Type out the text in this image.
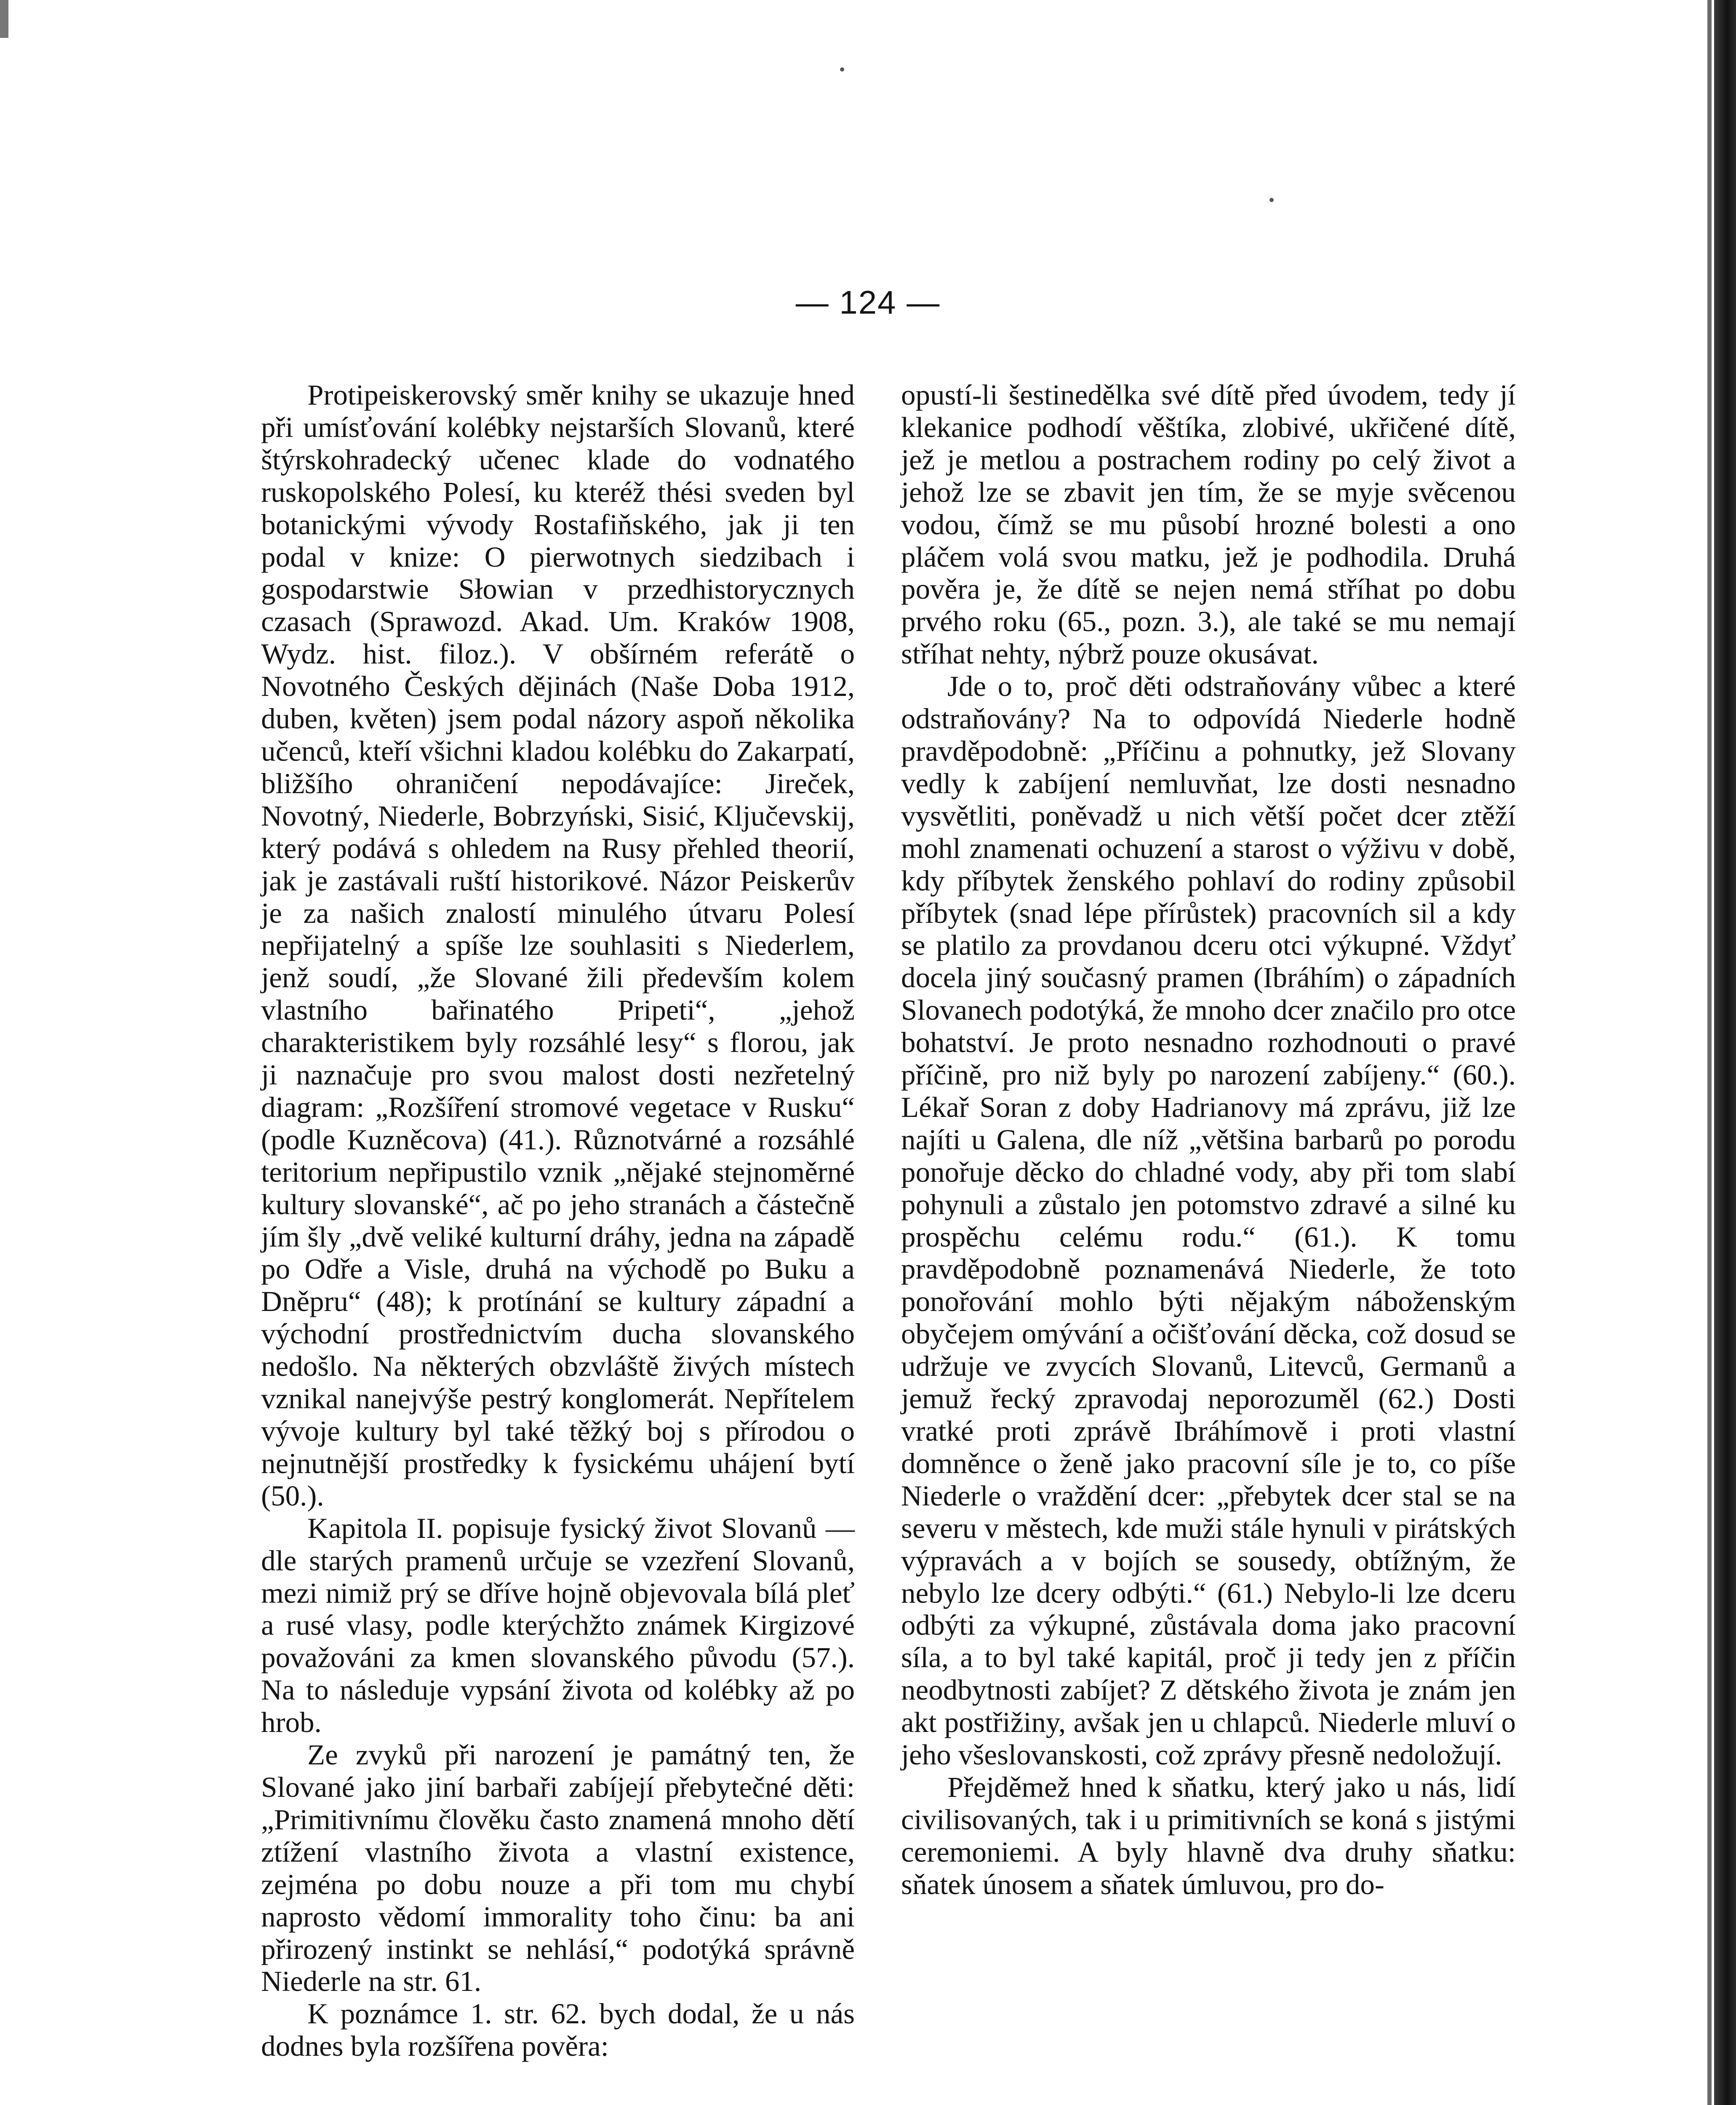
— 124 —

Protipeiskerovský směr knihy se ukazuje hned při umísťování kolébky nejstarších Slovanů, které štýrskohradecký učenec klade do vodnatého ruskopolského Polesí, ku kteréž thési sveden byl botanickými vývody Rostafiňského, jak ji ten podal v knize: O pierwotnych siedzibach i gospodarstwie Słowian v przedhistorycznych czasach (Sprawozd. Akad. Um. Kraków 1908, Wydz. hist. filoz.). V obšírném referátě o Novotného Českých dějinách (Naše Doba 1912, duben, květen) jsem podal názory aspoň několika učenců, kteří všichni kladou kolébku do Zakarpatí, bližšího ohraničení nepodávajíce: Jireček, Novotný, Niederle, Bobrzyński, Sisić, Ključevskij, který podává s ohledem na Rusy přehled theorií, jak je zastávali ruští historikové. Názor Peiskerův je za našich znalostí minulého útvaru Polesí nepřijatelný a spíše lze souhlasiti s Niederlem, jenž soudí, „že Slované žili především kolem vlastního bařinatého Pripeti“, „jehož charakteristikem byly rozsáhlé lesy“ s florou, jak ji naznačuje pro svou malost dosti nezřetelný diagram: „Rozšíření stromové vegetace v Rusku“ (podle Kuzněcova) (41.). Různotvárné a rozsáhlé teritorium nepřipustilo vznik „nějaké stejnoměrné kultury slovanské“, ač po jeho stranách a částečně jím šly „dvě veliké kulturní dráhy, jedna na západě po Odře a Visle, druhá na východě po Buku a Dněpru“ (48); k protínání se kultury západní a východní prostřednictvím ducha slovanského nedošlo. Na některých obzvláště živých místech vznikal nanejvýše pestrý konglomerát. Nepřítelem vývoje kultury byl také těžký boj s přírodou o nejnutnější prostředky k fysickému uhájení bytí (50.).

Kapitola II. popisuje fysický život Slovanů — dle starých pramenů určuje se vzezření Slovanů, mezi nimiž prý se dříve hojně objevovala bílá pleť a rusé vlasy, podle kterýchžto známek Kirgizové považováni za kmen slovanského původu (57.). Na to následuje vypsání života od kolébky až po hrob.

Ze zvyků při narození je památný ten, že Slované jako jiní barbaři zabíjejí přebytečné děti: „Primitivnímu člověku často znamená mnoho dětí ztížení vlastního života a vlastní existence, zejména po dobu nouze a při tom mu chybí naprosto vědomí immorality toho činu: ba ani přirozený instinkt se nehlásí,“ podotýká správně Niederle na str. 61.

K poznámce 1. str. 62. bych dodal, že u nás dodnes byla rozšířena pověra:

opustí-li šestinedělka své dítě před úvodem, tedy jí klekanice podhodí věštíka, zlobivé, ukřičené dítě, jež je metlou a postrachem rodiny po celý život a jehož lze se zbavit jen tím, že se myje svěcenou vodou, čímž se mu působí hrozné bolesti a ono pláčem volá svou matku, jež je podhodila. Druhá pověra je, že dítě se nejen nemá stříhat po dobu prvého roku (65., pozn. 3.), ale také se mu nemají stříhat nehty, nýbrž pouze okusávat.

Jde o to, proč děti odstraňovány vůbec a které odstraňovány? Na to odpovídá Niederle hodně pravděpodobně: „Příčinu a pohnutky, jež Slovany vedly k zabíjení nemluvňat, lze dosti nesnadno vysvětliti, poněvadž u nich větší počet dcer ztěží mohl znamenati ochuzení a starost o výživu v době, kdy příbytek ženského pohlaví do rodiny způsobil příbytek (snad lépe přírůstek) pracovních sil a kdy se platilo za provdanou dceru otci výkupné. Vždyť docela jiný současný pramen (Ibráhím) o západních Slovanech podotýká, že mnoho dcer značilo pro otce bohatství. Je proto nesnadno rozhodnouti o pravé příčině, pro niž byly po narození zabíjeny.“ (60.). Lékař Soran z doby Hadrianovy má zprávu, již lze najíti u Galena, dle níž „většina barbarů po porodu ponořuje děcko do chladné vody, aby při tom slabí pohynuli a zůstalo jen potomstvo zdravé a silné ku prospěchu celému rodu.“ (61.). K tomu pravděpodobně poznamenává Niederle, že toto ponořování mohlo býti nějakým náboženským obyčejem omývání a očišťování děcka, což dosud se udržuje ve zvycích Slovanů, Litevců, Germanů a jemuž řecký zpravodaj neporozuměl (62.) Dosti vratké proti zprávě Ibráhímově i proti vlastní domněnce o ženě jako pracovní síle je to, co píše Niederle o vraždění dcer: „přebytek dcer stal se na severu v městech, kde muži stále hynuli v pirátských výpravách a v bojích se sousedy, obtížným, že nebylo lze dcery odbýti.“ (61.) Nebylo-li lze dceru odbýti za výkupné, zůstávala doma jako pracovní síla, a to byl také kapitál, proč ji tedy jen z příčin neodbytnosti zabíjet? Z dětského života je znám jen akt postřižiny, avšak jen u chlapců. Niederle mluví o jeho všeslovanskosti, což zprávy přesně nedoložují.

Přejděmež hned k sňatku, který jako u nás, lidí civilisovaných, tak i u primitivních se koná s jistými ceremoniemi. A byly hlavně dva druhy sňatku: sňatek únosem a sňatek úmluvou, pro do-
